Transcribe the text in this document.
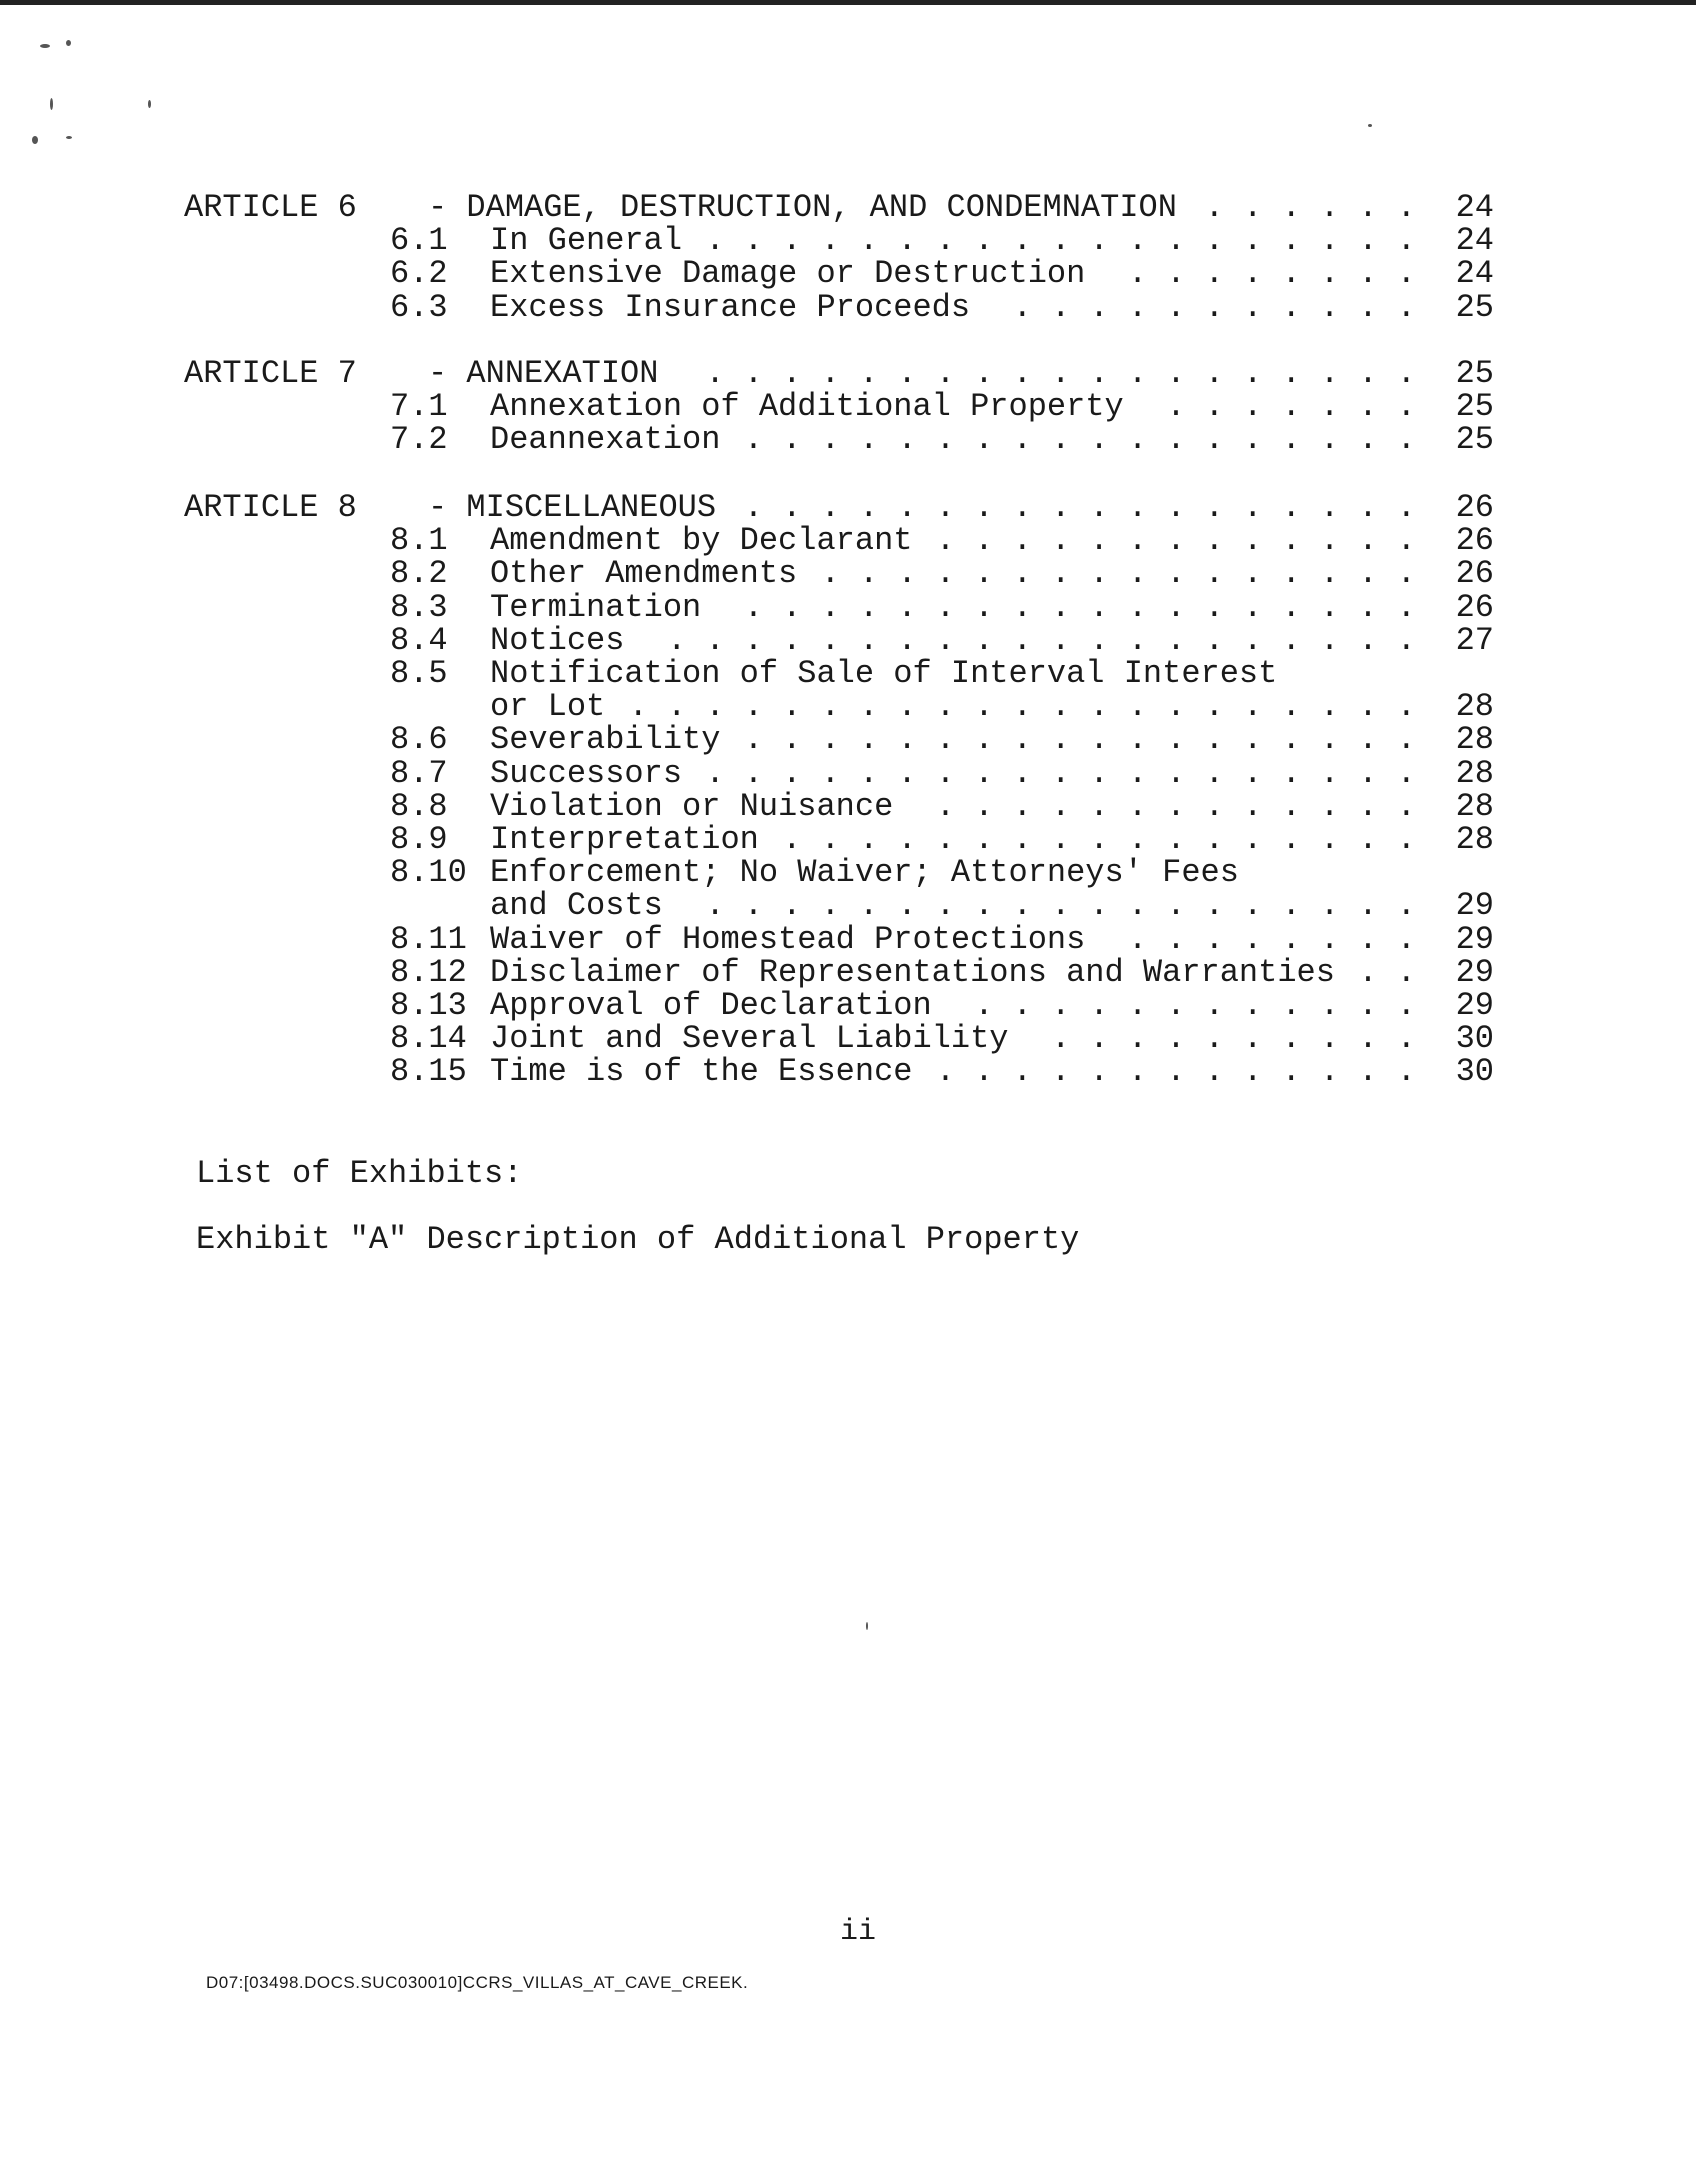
ARTICLE 6 - DAMAGE, DESTRUCTION, AND CONDEMNATION . . . . . . 24
6.1 In General . . . . . . . . . . . . . . . . . . . 24
6.2 Extensive Damage or Destruction	. . . . . . . . 24
6.3 Excess Insurance Proceeds	. . . . . . . . . . . 25
ARTICLE 7 - ANNEXATION	. . . . . . . . . . . . . . . . . . . 25
7.1 Annexation of Additional Property	. . . . . . . 25
7.2 Deannexation . . . . . . . . . . . . . . . . . . 25
ARTICLE 8 - MISCELLANEOUS . . . . . . . . . . . . . . . . . . 26
8.1 Amendment by Declarant . . . . . . . . . . . . . 26
8.2 Other Amendments . . . . . . . . . . . . . . . . 26
8.3 Termination	. . . . . . . . . . . . . . . . . . 26
8.4 Notices	. . . . . . . . . . . . . . . . . . . . 27
8.5 Notification of Sale of Interval Interest
or Lot . . . . . . . . . . . . . . . . . . . . . 28
8.6 Severability . . . . . . . . . . . . . . . . . . 28
8.7 Successors . . . . . . . . . . . . . . . . . . . 28
8.8 Violation or Nuisance	. . . . . . . . . . . . . 28
8.9 Interpretation . . . . . . . . . . . . . . . . . 28
8.10 Enforcement; No Waiver; Attorneys' Fees
and Costs	. . . . . . . . . . . . . . . . . . . 29
8.11 Waiver of Homestead Protections	. . . . . . . . 29
8.12 Disclaimer of Representations and Warranties . . 29
8.13 Approval of Declaration	. . . . . . . . . . . . 29
8.14 Joint and Several Liability	. . . . . . . . . . 30
8.15 Time is of the Essence . . . . . . . . . . . . . 30
List of Exhibits:
Exhibit "A" Description of Additional Property
ii
D07:[03498.DOCS.SUC030010]CCRS_VILLAS_AT_CAVE_CREEK.
